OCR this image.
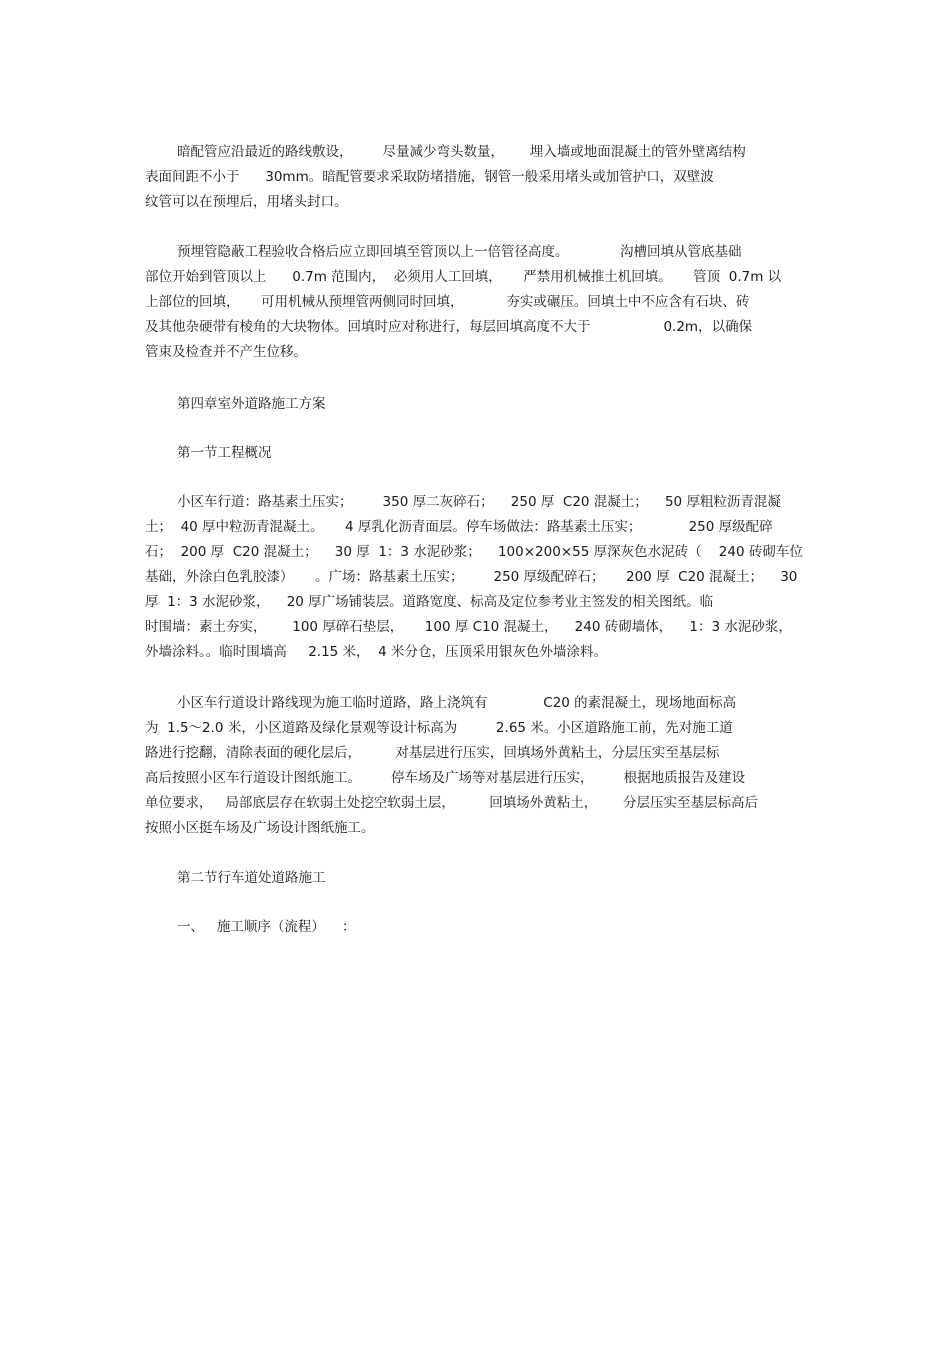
暗配管应沿最近的路线敷设，       尽量减少弯头数量，      埋入墙或地面混凝土的管外壁离结构
表面间距不小于      30mm。暗配管要求采取防堵措施，钢管一般采用堵头或加管护口，双壁波
纹管可以在预埋后，用堵头封口。
预埋管隐蔽工程验收合格后应立即回填至管顶以上一倍管径高度。            沟槽回填从管底基础
部位开始到管顶以上      0.7m 范围内，  必须用人工回填，     严禁用机械推土机回填。     管顶  0.7m 以
上部位的回填，     可用机械从预埋管两侧同时回填，          夯实或碾压。回填土中不应含有石块、砖
及其他杂硬带有棱角的大块物体。回填时应对称进行，每层回填高度不大于                 0.2m，以确保
管束及检查并不产生位移。
第四章室外道路施工方案
第一节工程概况
小区车行道：路基素土压实；       350 厚二灰碎石；    250 厚  C20 混凝土；    50 厚粗粒沥青混凝
土；  40 厚中粒沥青混凝土。     4 厚乳化沥青面层。停车场做法：路基素土压实；           250 厚级配碎
石；  200 厚  C20 混凝土；    30 厚  1：3 水泥砂浆；    100×200×55 厚深灰色水泥砖（    240 砖砌车位
基础，外涂白色乳胶漆）     。广场：路基素土压实；       250 厚级配碎石；     200 厚  C20 混凝土；    30
厚  1：3 水泥砂浆，    20 厚广场铺装层。道路宽度、标高及定位参考业主签发的相关图纸。临
时围墙：素土夯实，      100 厚碎石垫层，     100 厚 C10 混凝土，    240 砖砌墙体，    1：3 水泥砂浆，
外墙涂料。。临时围墙高     2.15 米，  4 米分仓，压顶采用银灰色外墙涂料。
小区车行道设计路线现为施工临时道路，路上浇筑有             C20 的素混凝土，现场地面标高
为  1.5～2.0 米，小区道路及绿化景观等设计标高为         2.65 米。小区道路施工前，先对施工道
路进行挖翻，清除表面的硬化层后，        对基层进行压实，回填场外黄粘土，分层压实至基层标
高后按照小区车行道设计图纸施工。       停车场及广场等对基层进行压实，       根据地质报告及建设
单位要求，   局部底层存在软弱土处挖空软弱土层，        回填场外黄粘土，      分层压实至基层标高后
按照小区挺车场及广场设计图纸施工。
第二节行车道处道路施工
一、   施工顺序（流程）    ：
